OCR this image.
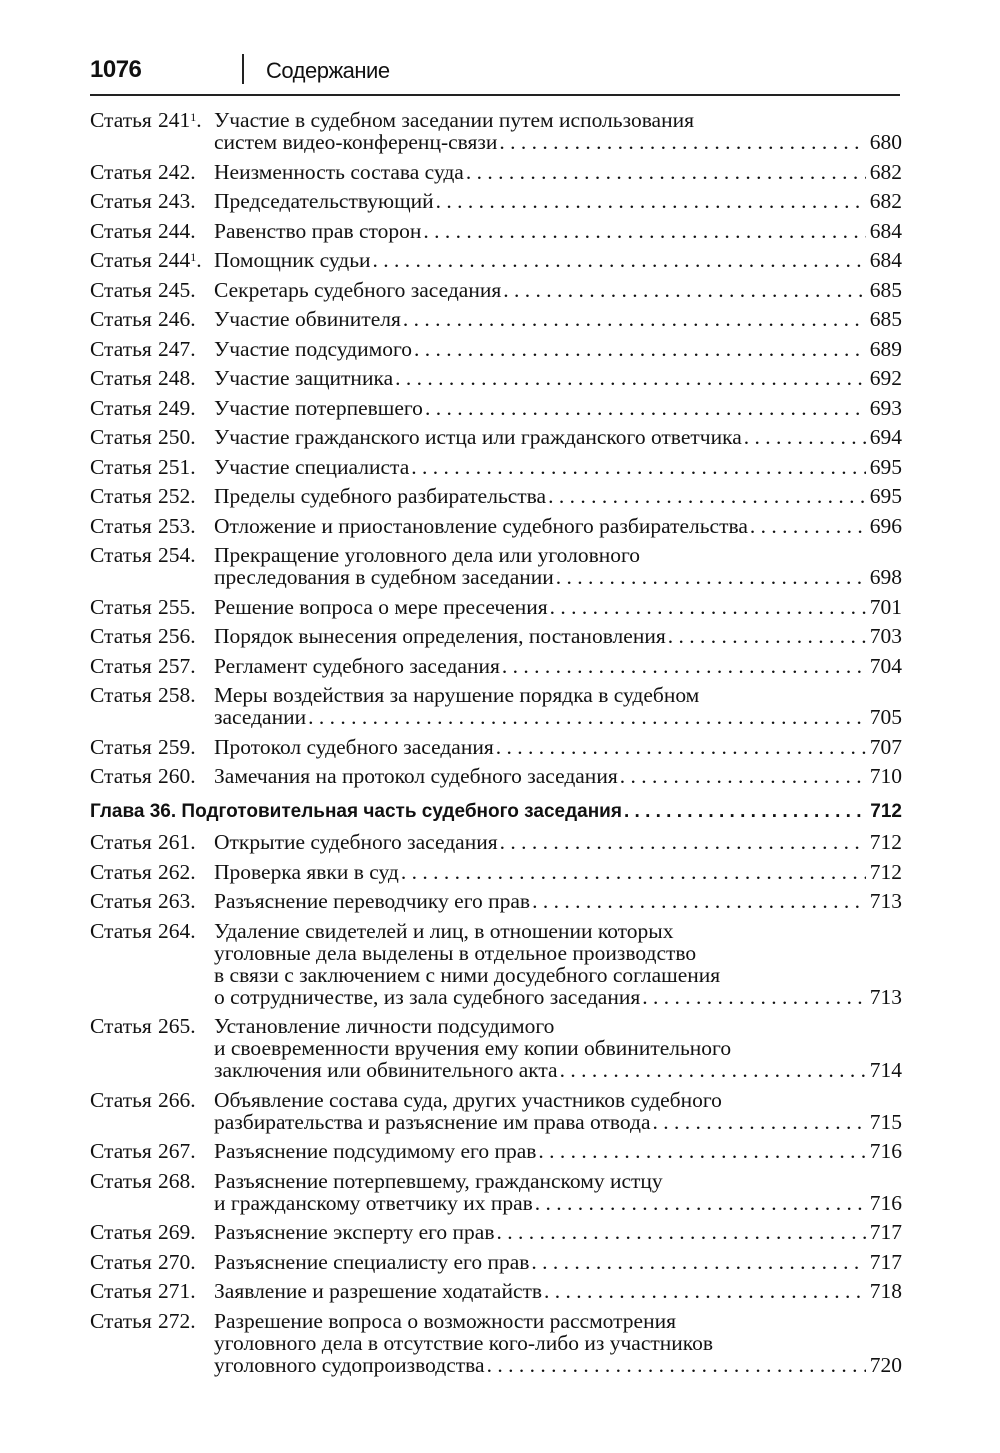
1076	Содержание
Статья $241^1$. Участие в судебном заседании путем использования
систем видео-конференц-связи . . .	680
Статья 242. Неизменность состава суда . . .	682
Статья 243. Председательствующий . . .	682
Статья 244. Равенство прав сторон . . .	684
Статья $244^1$. Помощник судьи . . .	684
Статья 245. Секретарь судебного заседания . . .	685
Статья 246. Участие обвинителя . . .	685
Статья 247. Участие подсудимого . . .	689
Статья 248. Участие защитника . . .	692
Статья 249. Участие потерпевшего . . .	693
Статья 250. Участие гражданского истца или гражданского ответчика . . .	694
Статья 251. Участие специалиста . . .	695
Статья 252. Пределы судебного разбирательства . . .	695
Статья 253. Отложение и приостановление судебного разбирательства . . .	696
Статья 254. Прекращение уголовного дела или уголовного
преследования в судебном заседании . . .	698
Статья 255. Решение вопроса о мере пресечения . . .	701
Статья 256. Порядок вынесения определения, постановления . . .	703
Статья 257. Регламент судебного заседания . . .	704
Статья 258. Меры воздействия за нарушение порядка в судебном
заседании . . .	705
Статья 259. Протокол судебного заседания . . .	707
Статья 260. Замечания на протокол судебного заседания . . .	710
Глава 36. Подготовительная часть судебного заседания . . .	712
Статья 261. Открытие судебного заседания . . .	712
Статья 262. Проверка явки в суд . . .	712
Статья 263. Разъяснение переводчику его прав . . .	713
Статья 264. Удаление свидетелей и лиц, в отношении которых
уголовные дела выделены в отдельное производство
в связи с заключением с ними досудебного соглашения
о сотрудничестве, из зала судебного заседания . . .	713
Статья 265. Установление личности подсудимого
и своевременности вручения ему копии обвинительного
заключения или обвинительного акта . . .	714
Статья 266. Объявление состава суда, других участников судебного
разбирательства и разъяснение им права отвода . . .	715
Статья 267. Разъяснение подсудимому его прав . . .	716
Статья 268. Разъяснение потерпевшему, гражданскому истцу
и гражданскому ответчику их прав . . .	716
Статья 269. Разъяснение эксперту его прав . . .	717
Статья 270. Разъяснение специалисту его прав . . .	717
Статья 271. Заявление и разрешение ходатайств . . .	718
Статья 272. Разрешение вопроса о возможности рассмотрения
уголовного дела в отсутствие кого-либо из участников
уголовного судопроизводства . . .	720
